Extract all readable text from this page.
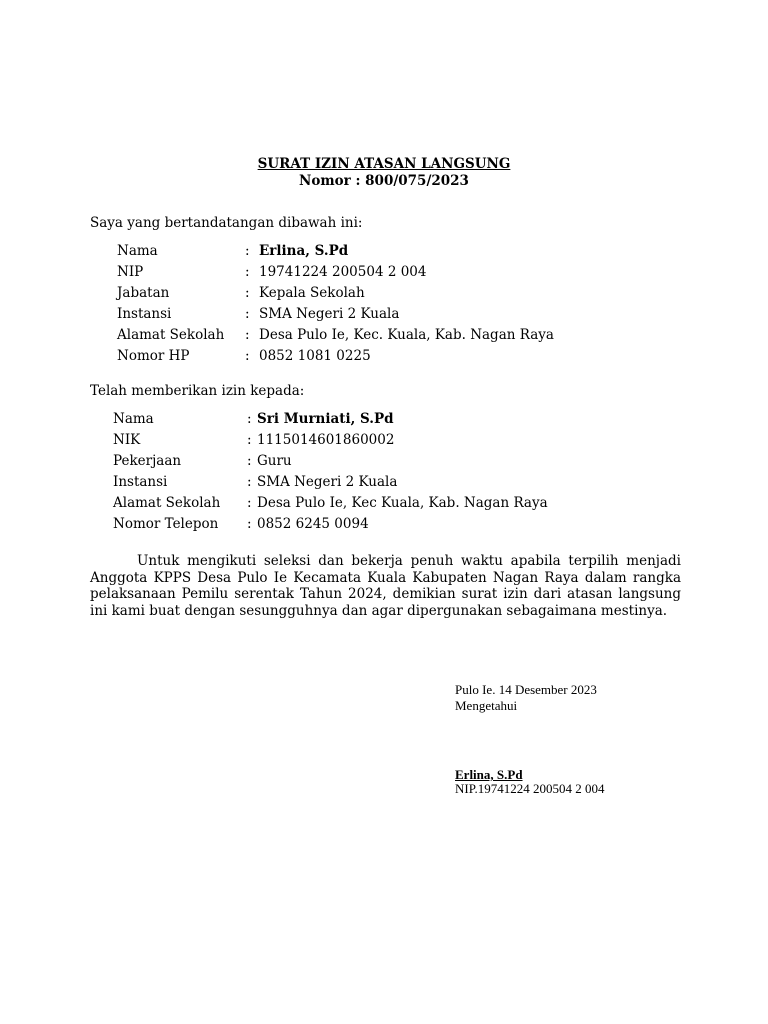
SURAT IZIN ATASAN LANGSUNG
Nomor : 800/075/2023
Saya yang bertandatangan dibawah ini:
Nama	:	Erlina, S.Pd
NIP	:	19741224 200504 2 004
Jabatan	:	Kepala Sekolah
Instansi	:	SMA Negeri 2 Kuala
Alamat Sekolah	:	Desa Pulo Ie, Kec. Kuala, Kab. Nagan Raya
Nomor HP	:	0852 1081 0225
Telah memberikan izin kepada:
Nama	:	Sri Murniati, S.Pd
NIK	:	1115014601860002
Pekerjaan	:	Guru
Instansi	:	SMA Negeri 2 Kuala
Alamat Sekolah	:	Desa Pulo Ie, Kec Kuala, Kab. Nagan Raya
Nomor Telepon	:	0852 6245 0094

Untuk mengikuti seleksi dan bekerja penuh waktu apabila terpilih menjadi Anggota KPPS Desa Pulo Ie Kecamata Kuala Kabupaten Nagan Raya dalam rangka pelaksanaan Pemilu serentak Tahun 2024, demikian surat izin dari atasan langsung ini kami buat dengan sesungguhnya dan agar dipergunakan sebagaimana mestinya.

Pulo Ie. 14 Desember 2023
Mengetahui
Erlina, S.Pd
NIP.19741224 200504 2 004
